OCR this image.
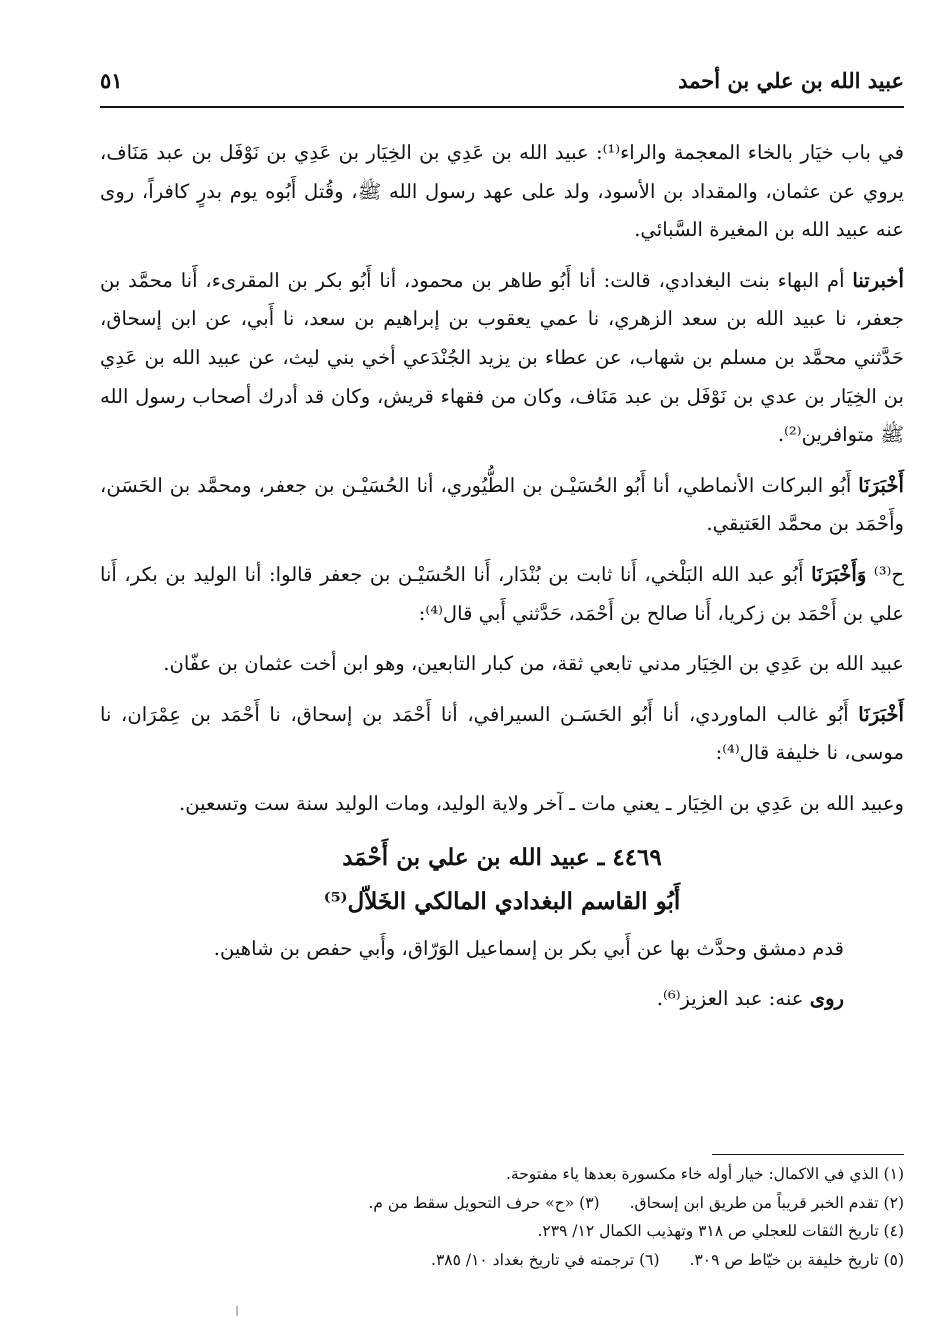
عبيد الله بن علي بن أحمد
٥١

في باب خيَار بالخاء المعجمة والراء⁽¹⁾: عبيد الله بن عَدِي بن الخِيَار بن عَدِي بن نَوْفَل بن عبد مَنَاف، يروي عن عثمان، والمقداد بن الأسود، ولد على عهد رسول الله ﷺ، وقُتل أَبُوه يوم بدرٍ كافراً، روى عنه عبيد الله بن المغيرة السَّبائي.

أخبرتنا أم البهاء بنت البغدادي، قالت: أنا أَبُو طاهر بن محمود، أنا أَبُو بكر بن المقرىء، أَنا محمَّد بن جعفر، نا عبيد الله بن سعد الزهري، نا عمي يعقوب بن إبراهيم بن سعد، نا أَبي، عن ابن إسحاق، حَدَّثني محمَّد بن مسلم بن شهاب، عن عطاء بن يزيد الجُنْدَعي أخي بني ليث، عن عبيد الله بن عَدِي بن الخِيَار بن عدي بن نَوْفَل بن عبد مَنَاف، وكان من فقهاء قريش، وكان قد أدرك أصحاب رسول الله ﷺ متوافرين⁽²⁾.

أَخْبَرَنَا أَبُو البركات الأنماطي، أنا أَبُو الحُسَيْـن بن الطُّيُوري، أنا الحُسَيْـن بن جعفر، ومحمَّد بن الحَسَن، وأَحْمَد بن محمَّد العَتيقي.

ح⁽³⁾ وَأَخْبَرَنَا أَبُو عبد الله البَلْخي، أَنا ثابت بن بُنْدَار، أَنا الحُسَيْـن بن جعفر قالوا: أنا الوليد بن بكر، أَنا علي بن أَحْمَد بن زكريا، أَنا صالح بن أَحْمَد، حَدَّثني أَبي قال⁽⁴⁾:

عبيد الله بن عَدِي بن الخِيَار مدني تابعي ثقة، من كبار التابعين، وهو ابن أخت عثمان بن عفّان.

أَخْبَرَنَا أَبُو غالب الماوردي، أنا أَبُو الحَسَـن السيرافي، أنا أَحْمَد بن إسحاق، نا أَحْمَد بن عِمْرَان، نا موسى، نا خليفة قال⁽⁴⁾:

وعبيد الله بن عَدِي بن الخِيَار ـ يعني مات ـ آخر ولاية الوليد، ومات الوليد سنة ست وتسعين.

٤٤٦٩ ـ عبيد الله بن علي بن أَحْمَد
أَبُو القاسم البغدادي المالكي الخَلاّل⁽⁵⁾

قدم دمشق وحدَّث بها عن أَبي بكر بن إسماعيل الوَرّاق، وأَبي حفص بن شاهين.

روى عنه: عبد العزيز⁽⁶⁾.

(١) الذي في الاكمال: خيار أوله خاء مكسورة بعدها ياء مفتوحة.
(٢) تقدم الخبر قريباً من طريق ابن إسحاق.
(٣) «ح» حرف التحويل سقط من م.
(٤) تاريخ الثقات للعجلي ص ٣١٨ وتهذيب الكمال ١٢/ ٢٣٩.
(٥) تاريخ خليفة بن خيّاط ص ٣٠٩.
(٦) ترجمته في تاريخ بغداد ١٠/ ٣٨٥.
